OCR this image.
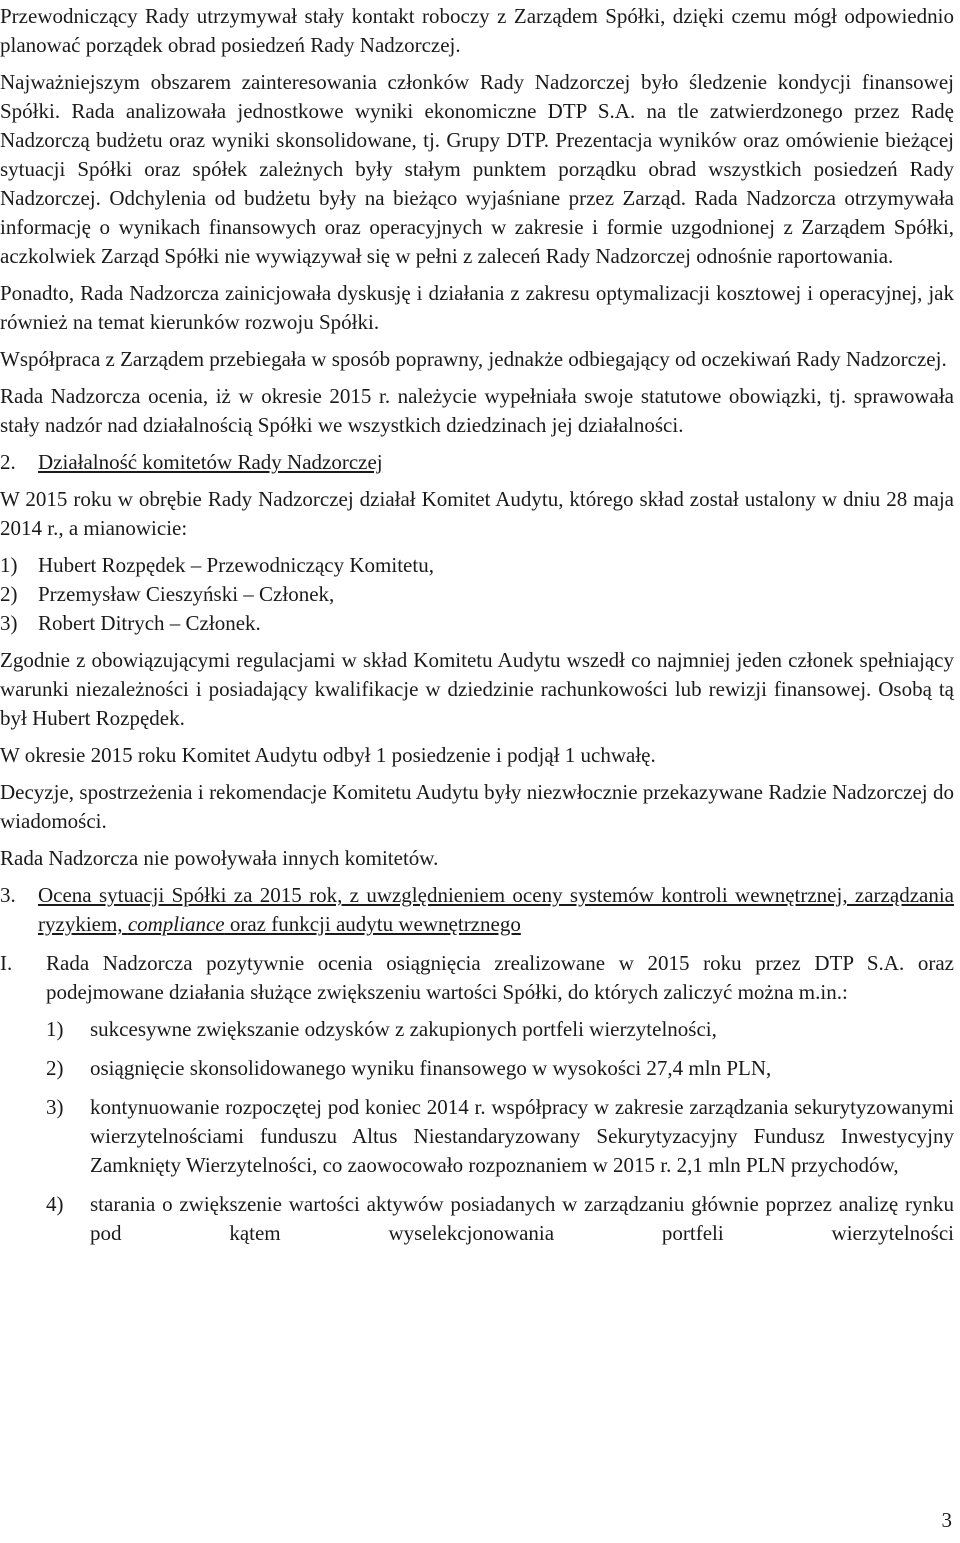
Przewodniczący Rady utrzymywał stały kontakt roboczy z Zarządem Spółki, dzięki czemu mógł odpowiednio planować porządek obrad posiedzeń Rady Nadzorczej.

Najważniejszym obszarem zainteresowania członków Rady Nadzorczej było śledzenie kondycji finansowej Spółki. Rada analizowała jednostkowe wyniki ekonomiczne DTP S.A. na tle zatwierdzonego przez Radę Nadzorczą budżetu oraz wyniki skonsolidowane, tj. Grupy DTP. Prezentacja wyników oraz omówienie bieżącej sytuacji Spółki oraz spółek zależnych były stałym punktem porządku obrad wszystkich posiedzeń Rady Nadzorczej. Odchylenia od budżetu były na bieżąco wyjaśniane przez Zarząd. Rada Nadzorcza otrzymywała informację o wynikach finansowych oraz operacyjnych w zakresie i formie uzgodnionej z Zarządem Spółki, aczkolwiek Zarząd Spółki nie wywiązywał się w pełni z zaleceń Rady Nadzorczej odnośnie raportowania.

Ponadto, Rada Nadzorcza zainicjowała dyskusję i działania z zakresu optymalizacji kosztowej i operacyjnej, jak również na temat kierunków rozwoju Spółki.

Współpraca z Zarządem przebiegała w sposób poprawny, jednakże odbiegający od oczekiwań Rady Nadzorczej.

Rada Nadzorcza ocenia, iż w okresie 2015 r. należycie wypełniała swoje statutowe obowiązki, tj. sprawowała stały nadzór nad działalnością Spółki we wszystkich dziedzinach jej działalności.

2.	Działalność komitetów Rady Nadzorczej

W 2015 roku w obrębie Rady Nadzorczej działał Komitet Audytu, którego skład został ustalony w dniu 28 maja 2014 r., a mianowicie:

1) Hubert Rozpędek – Przewodniczący Komitetu,
2) Przemysław Cieszyński – Członek,
3) Robert Ditrych – Członek.

Zgodnie z obowiązującymi regulacjami w skład Komitetu Audytu wszedł co najmniej jeden członek spełniający warunki niezależności i posiadający kwalifikacje w dziedzinie rachunkowości lub rewizji finansowej. Osobą tą był Hubert Rozpędek.

W okresie 2015 roku Komitet Audytu odbył 1 posiedzenie i podjął 1 uchwałę.

Decyzje, spostrzeżenia i rekomendacje Komitetu Audytu były niezwłocznie przekazywane Radzie Nadzorczej do wiadomości.

Rada Nadzorcza nie powoływała innych komitetów.

3.	Ocena sytuacji Spółki za 2015 rok, z uwzględnieniem oceny systemów kontroli wewnętrznej, zarządzania ryzykiem, compliance oraz funkcji audytu wewnętrznego
I.	Rada Nadzorcza pozytywnie ocenia osiągnięcia zrealizowane w 2015 roku przez DTP S.A. oraz podejmowane działania służące zwiększeniu wartości Spółki, do których zaliczyć można m.in.:
1)	sukcesywne zwiększanie odzysków z zakupionych portfeli wierzytelności,
2)	osiągnięcie skonsolidowanego wyniku finansowego w wysokości 27,4 mln PLN,
3)	kontynuowanie rozpoczętej pod koniec 2014 r. współpracy w zakresie zarządzania sekurytyzowanymi wierzytelnościami funduszu Altus Niestandaryzowany Sekurytyzacyjny Fundusz Inwestycyjny Zamknięty Wierzytelności, co zaowocowało rozpoznaniem w 2015 r. 2,1 mln PLN przychodów,
4)	starania o zwiększenie wartości aktywów posiadanych w zarządzaniu głównie poprzez analizę rynku pod kątem wyselekcjonowania portfeli wierzytelności
3
